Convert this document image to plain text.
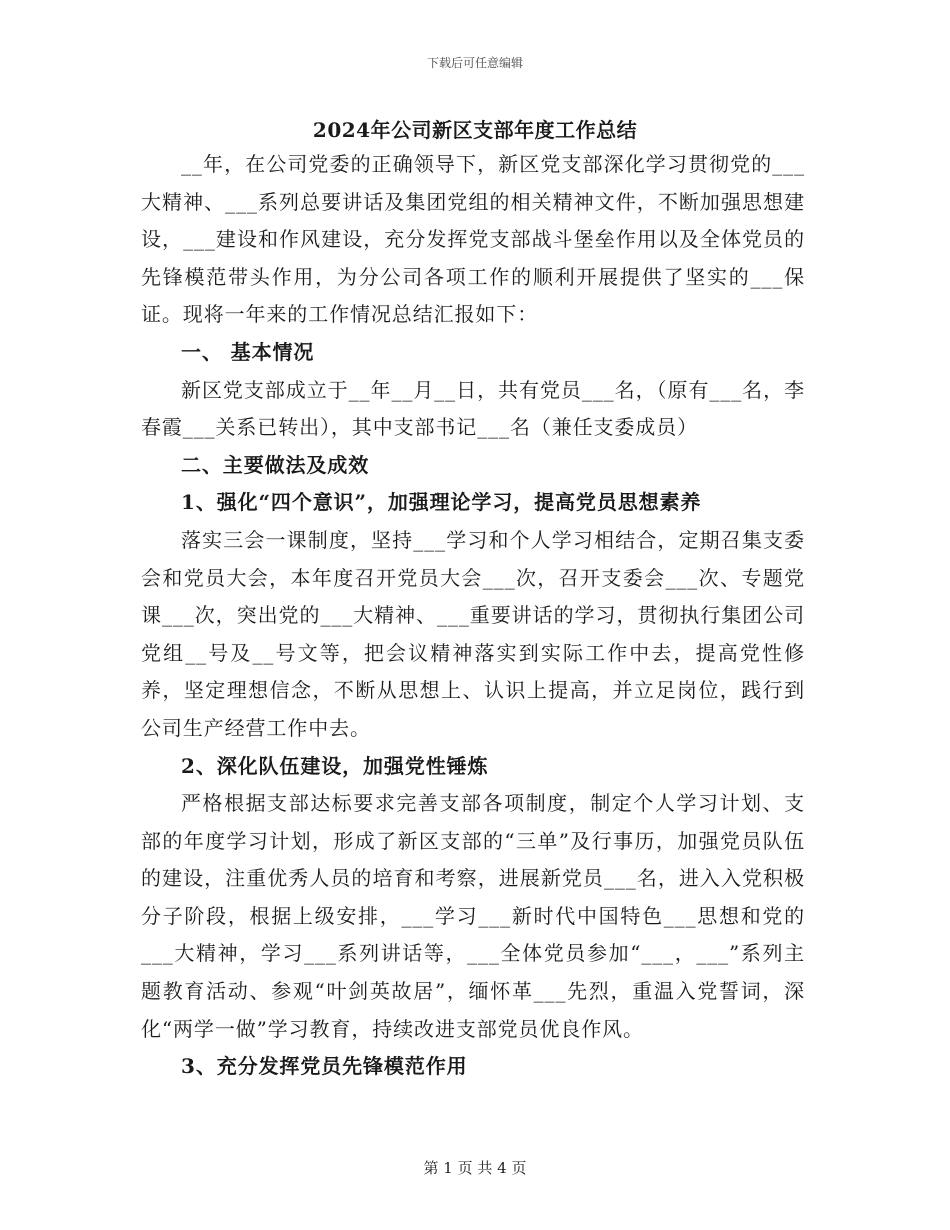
下载后可任意编辑
2024年公司新区支部年度工作总结

__年，在公司党委的正确领导下，新区党支部深化学习贯彻党的___大精神、___系列总要讲话及集团党组的相关精神文件，不断加强思想建设，___建设和作风建设，充分发挥党支部战斗堡垒作用以及全体党员的先锋模范带头作用，为分公司各项工作的顺利开展提供了坚实的___保证。现将一年来的工作情况总结汇报如下：

一、 基本情况

新区党支部成立于__年__月__日，共有党员___名，（原有___名，李春霞___关系已转出），其中支部书记___名（兼任支委成员）

二、主要做法及成效
1、强化“四个意识”，加强理论学习，提高党员思想素养

落实三会一课制度，坚持___学习和个人学习相结合，定期召集支委会和党员大会，本年度召开党员大会___次，召开支委会___次、专题党课___次，突出党的___大精神、___重要讲话的学习，贯彻执行集团公司党组__号及__号文等，把会议精神落实到实际工作中去，提高党性修养，坚定理想信念，不断从思想上、认识上提高，并立足岗位，践行到公司生产经营工作中去。

2、深化队伍建设，加强党性锤炼

严格根据支部达标要求完善支部各项制度，制定个人学习计划、支部的年度学习计划，形成了新区支部的“三单”及行事历，加强党员队伍的建设，注重优秀人员的培育和考察，进展新党员___名，进入入党积极分子阶段，根据上级安排，___学习___新时代中国特色___思想和党的___大精神，学习___系列讲话等，___全体党员参加“___，___”系列主题教育活动、参观“叶剑英故居”，缅怀革___先烈，重温入党誓词，深化“两学一做”学习教育，持续改进支部党员优良作风。

3、充分发挥党员先锋模范作用
第 1 页 共 4 页
